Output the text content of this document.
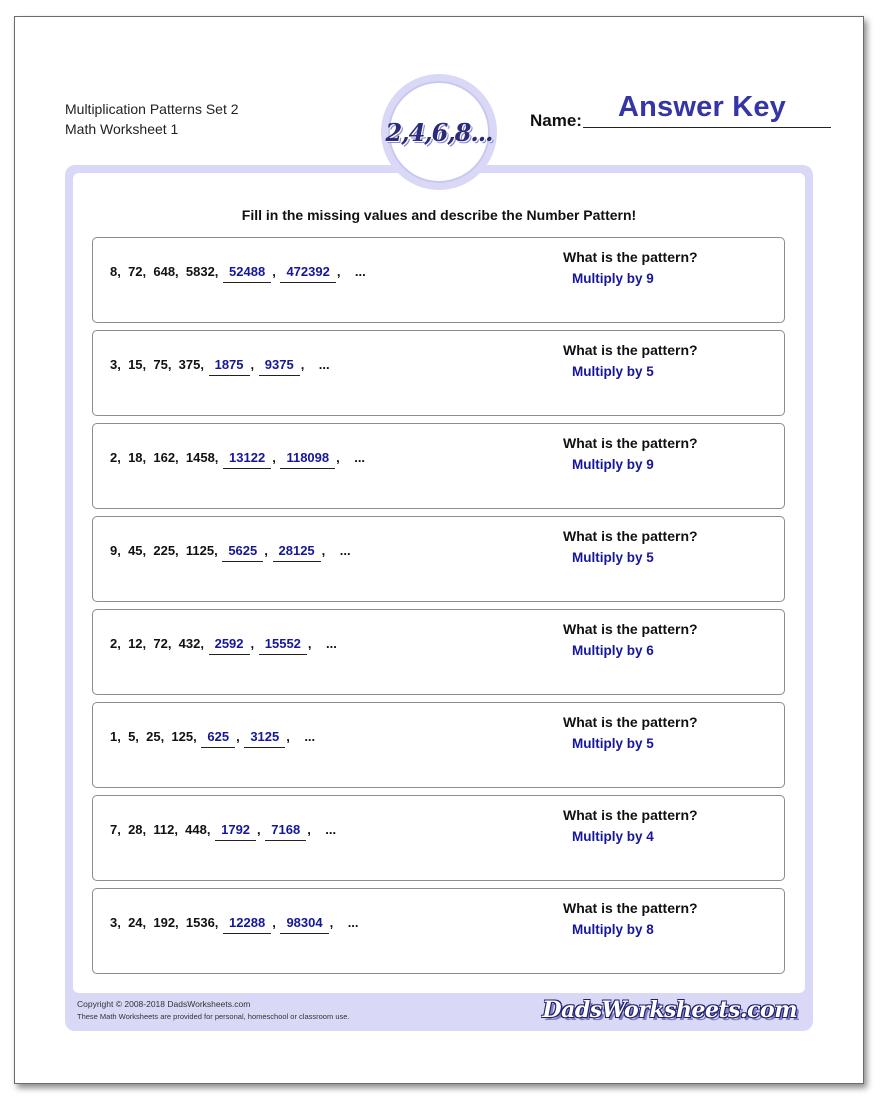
Multiplication Patterns Set 2
Math Worksheet 1	Name:	Answer Key
2,4,6,8...
Fill in the missing values and describe the Number Pattern!
8,  72,  648,  5832,
52488 ,
472392 ,
...
What is the pattern?
Multiply by 9
3,  15,  75,  375,
1875 ,
9375 ,
...
What is the pattern?
Multiply by 5
2,  18,  162,  1458,
13122 ,
118098 ,
...
What is the pattern?
Multiply by 9
9,  45,  225,  1125,
5625 ,
28125 ,
...
What is the pattern?
Multiply by 5
2,  12,  72,  432,
2592 ,
15552 ,
...
What is the pattern?
Multiply by 6
1,  5,  25,  125,
625 ,
3125 ,
...
What is the pattern?
Multiply by 5
7,  28,  112,  448,
1792 ,
7168 ,
...
What is the pattern?
Multiply by 4
3,  24,  192,  1536,
12288 ,
98304 ,
...
What is the pattern?
Multiply by 8
Copyright © 2008-2018 DadsWorksheets.com
These Math Worksheets are provided for personal, homeschool or classroom use.	DadsWorksheets.com
